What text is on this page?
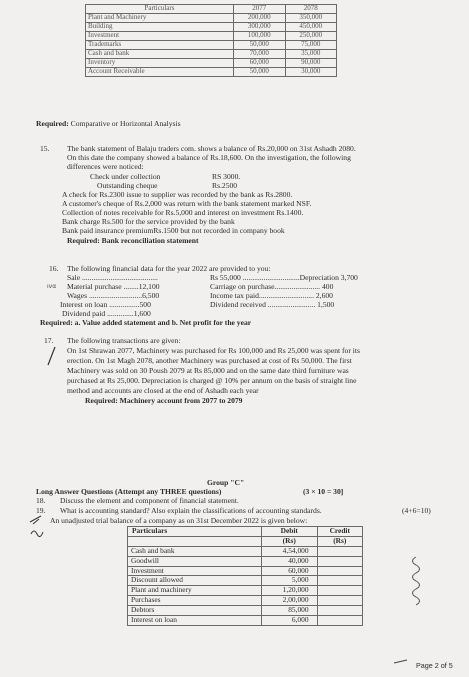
Particulars	2077	2078
Plant and Machinery	200,000	350,000
Building	300,000	450,000
Investment	100,000	250,000
Trademarks	50,000	75,000
Cash and bank	70,000	35,000
Inventory	60,000	90,000
Account Receivable	50,000	30,000
Required: Comparative or Horizontal Analysis
15. The bank statement of Balaju traders com. shows a balance of Rs.20,000 on 31st Ashadh 2080.
On this date the company showed a balance of Rs.18,600. On the investigation, the following
differences were noticed:
Check under collection	RS 3000.
Outstanding cheque	Rs.2500
A check for Rs.2300 issue to supplier was recorded by the bank as Rs.2800.
A customer's cheque of Rs.2,000 was return with the bank statement marked NSF.
Collection of notes receivable for Rs.5,000 and interest on investment Rs.1400.
Bank charge Rs.500 for the service provided by the bank
Bank paid insurance premiumRs.1500 but not recorded in company book
Required: Bank reconciliation statement
16. The following financial data for the year 2022 are provided to you:
Sale ........................................	Rs 55,000 ..............................Depreciation 3,700
ıvα Material purchase ........12,100	Carriage on purchase........................ 400
Wages ............................6,500	Income tax paid............................. 2,600
Interest on loan ................500	Dividend received ......................... 1,500
Dividend paid ..............1,600
Required: a. Value added statement and b. Net profit for the year
17. The following transactions are given:
On 1st Shrawan 2077, Machinery was purchased for Rs 100,000 and Rs 25,000 was spent for its
erection. On 1st Magh 2078, another Machinery was purchased at cost of Rs 50,000. The first
Machinery was sold on 30 Poush 2079 at Rs 85,000 and on the same date third furniture was
purchased at Rs 25,000. Depreciation is charged @ 10% per annum on the basis of straight line
method and accounts are closed at the end of Ashadh each year
Required: Machinery account from 2077 to 2079
Group "C"
Long Answer Questions (Attempt any THREE questions)	(3 × 10 = 30]
18. Discuss the element and component of financial statement.
19. What is accounting standard? Also explain the classifications of accounting standards.	(4+6=10)
An unadjusted trial balance of a company as on 31st December 2022 is given below:
Particulars	Debit	Credit
	(Rs)	(Rs)
Cash and bank	4,54,000	
Goodwill	40,000	
Investment	60,000	
Discount allowed	5,000	
Plant and machinery	1,20,000	
Purchases	2,00,000	
Debtors	85,000	
Interest on loan	6,000	
Page 2 of 5
